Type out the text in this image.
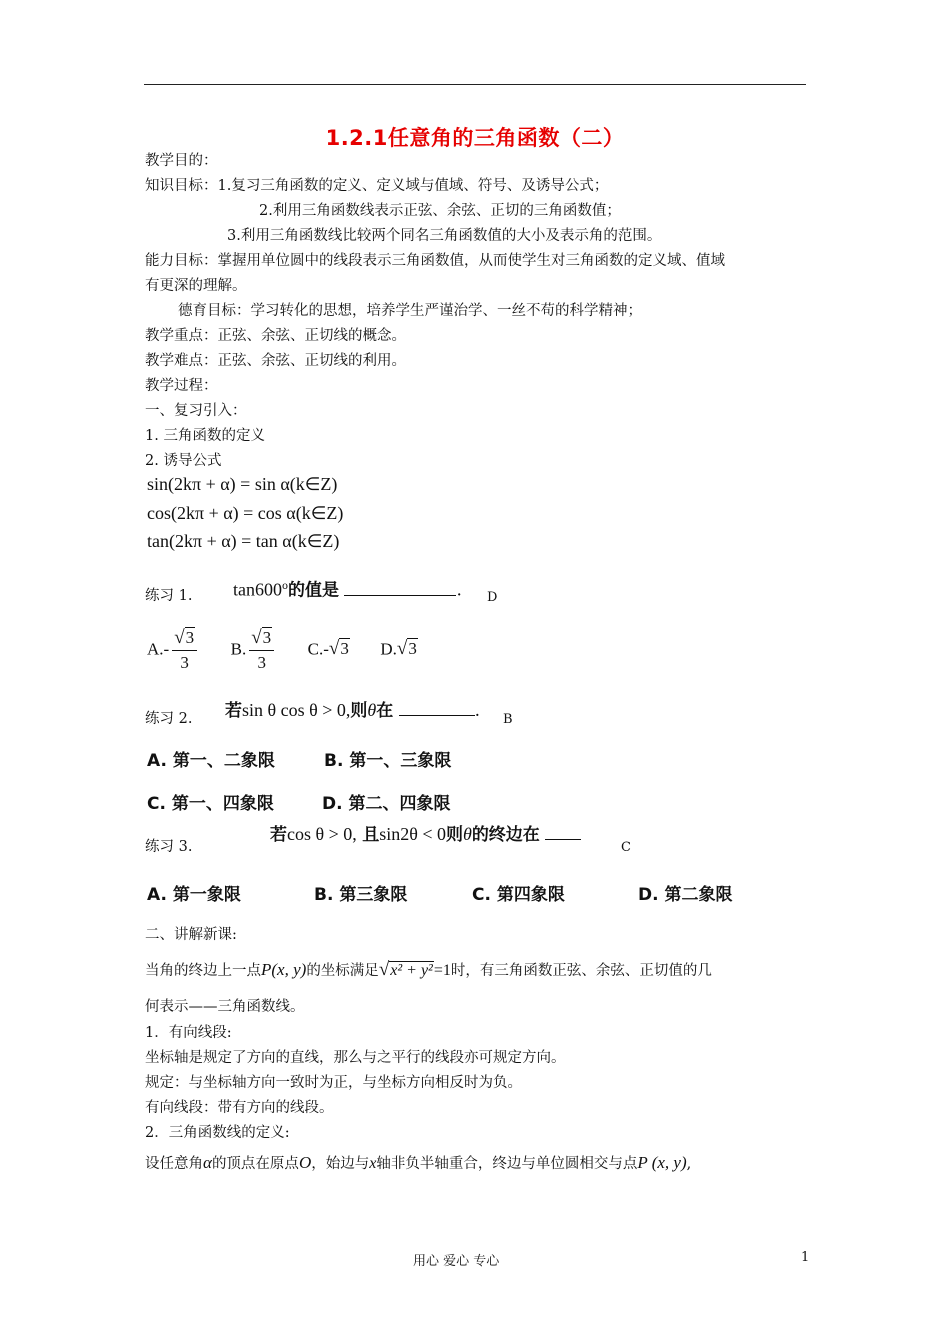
1.2.1任意角的三角函数（二）
教学目的：
知识目标：1.复习三角函数的定义、定义域与值域、符号、及诱导公式；
2.利用三角函数线表示正弦、余弦、正切的三角函数值；
3.利用三角函数线比较两个同名三角函数值的大小及表示角的范围。
能力目标：掌握用单位圆中的线段表示三角函数值，从而使学生对三角函数的定义域、值域
有更深的理解。
德育目标：学习转化的思想，培养学生严谨治学、一丝不苟的科学精神；
教学重点：正弦、余弦、正切线的概念。
教学难点：正弦、余弦、正切线的利用。
教学过程：
一、复习引入：
1. 三角函数的定义
2. 诱导公式
sin(2kπ + α) = sin α(k∈Z)
cos(2kπ + α) = cos α(k∈Z)
tan(2kπ + α) = tan α(k∈Z)
练习 1. tan600$^o$的值是	. D
$A.- \frac{√3}{3} B$. $\frac{√3}{3} C.-√3$ D.√3
练习 2. 若sin θ cos θ > 0,则θ在	. B
A. 第一、二象限	B. 第一、三象限
C. 第一、四象限	D. 第二、四象限
练习 3.
若cos θ > 0, 且sin2θ < 0则θ的终边在
C
A. 第一象限	B. 第三象限	C. 第四象限	D. 第二象限
二、讲解新课:
当角的终边上一点P(x, y)的坐标满足√x² + y²=1时，有三角函数正弦、余弦、正切值的几
何表示——三角函数线。
1．有向线段:
坐标轴是规定了方向的直线，那么与之平行的线段亦可规定方向。
规定：与坐标轴方向一致时为正，与坐标方向相反时为负。
有向线段：带有方向的线段。
2．三角函数线的定义:
设任意角α的顶点在原点O，始边与x轴非负半轴重合，终边与单位圆相交与点P (x, y),
用心 爱心 专心	1
